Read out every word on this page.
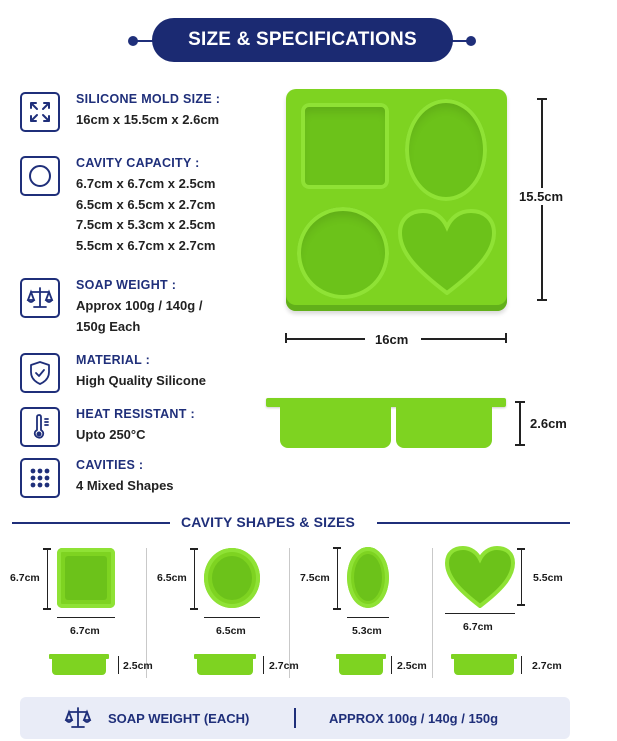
SIZE & SPECIFICATIONS
SILICONE MOLD SIZE :
16cm x 15.5cm x 2.6cm
CAVITY CAPACITY :
6.7cm x 6.7cm x 2.5cm
6.5cm x 6.5cm x 2.7cm
7.5cm x 5.3cm x 2.5cm
5.5cm x 6.7cm x 2.7cm
SOAP WEIGHT :
Approx 100g / 140g /
150g Each
MATERIAL :
High Quality Silicone
HEAT RESISTANT :
Upto 250°C
CAVITIES :
4 Mixed Shapes
15.5cm
16cm
2.6cm
CAVITY SHAPES & SIZES
6.7cm
6.7cm
2.5cm
6.5cm
6.5cm
2.7cm
7.5cm
5.3cm
2.5cm
5.5cm
6.7cm
2.7cm
SOAP WEIGHT (EACH)	APPROX 100g / 140g / 150g
